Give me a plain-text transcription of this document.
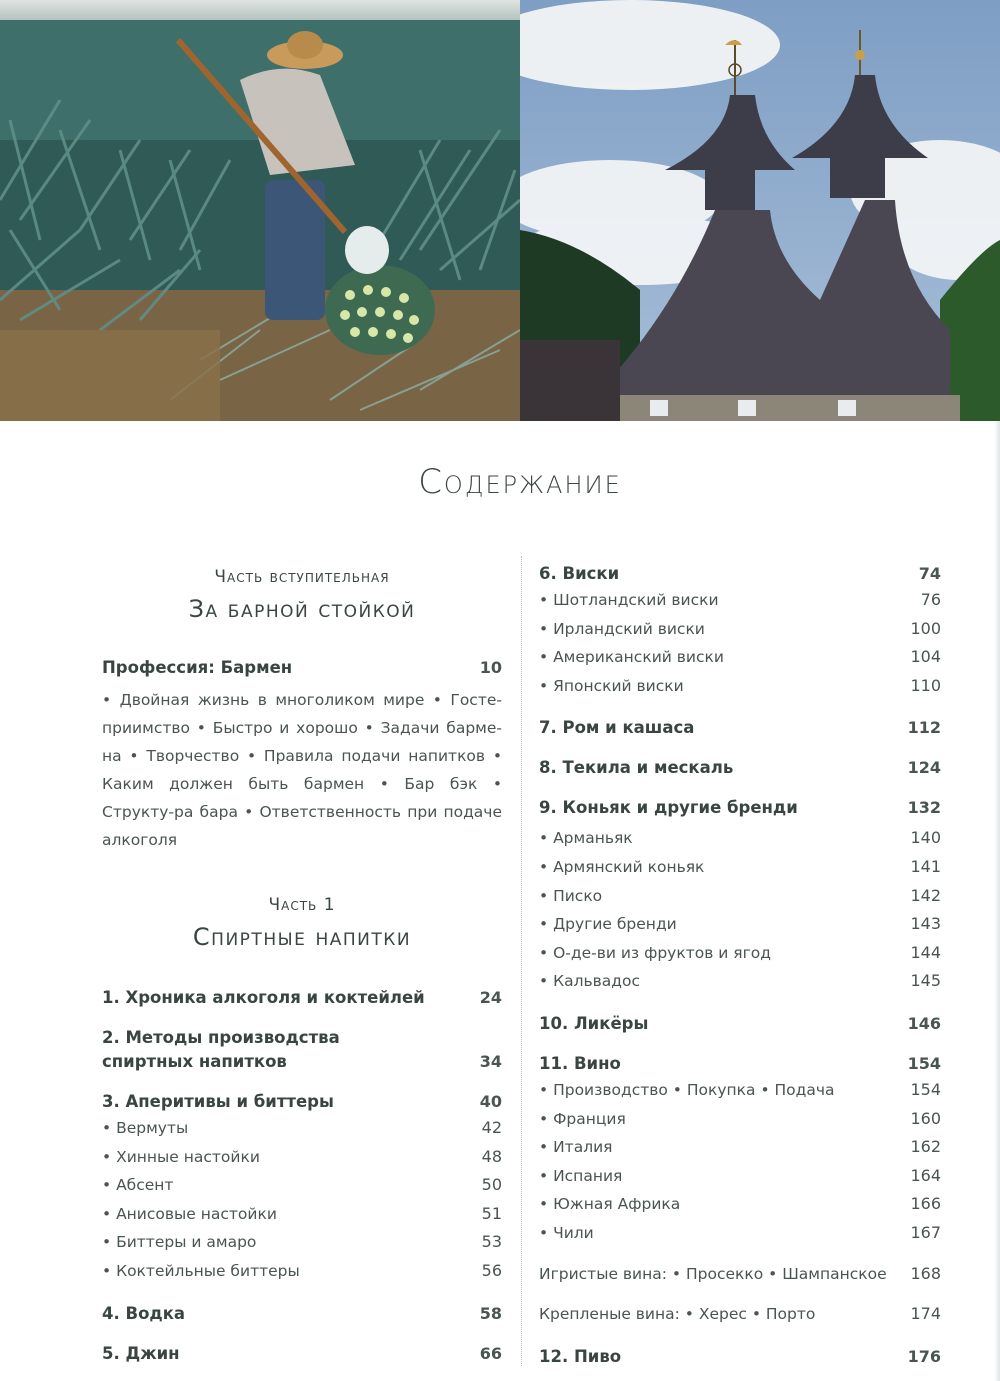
Содержание
Часть вступительная
За барной стойкой
Профессия: Бармен	10
• Двойная жизнь в многоликом мире • Госте-приимство • Быстро и хорошо • Задачи барме-на • Творчество • Правила подачи напитков • Каким должен быть бармен • Бар бэк • Структу-ра бара • Ответственность при подаче алкоголя
Часть 1
Спиртные напитки
1. Хроника алкоголя и коктейлей	24
2. Методы производства
спиртных напитков	34
3. Аперитивы и биттеры	40
• Вермуты	42
• Хинные настойки	48
• Абсент	50
• Анисовые настойки	51
• Биттеры и амаро	53
• Коктейльные биттеры	56
4. Водка	58
5. Джин	66
6. Виски	74
• Шотландский виски	76
• Ирландский виски	100
• Американский виски	104
• Японский виски	110
7. Ром и кашаса	112
8. Текила и мескаль	124
9. Коньяк и другие бренди	132
• Арманьяк	140
• Армянский коньяк	141
• Писко	142
• Другие бренди	143
• О-де-ви из фруктов и ягод	144
• Кальвадос	145
10. Ликёры	146
11. Вино	154
• Производство • Покупка • Подача	154
• Франция	160
• Италия	162
• Испания	164
• Южная Африка	166
• Чили	167
Игристые вина: • Просекко • Шампанское	168
Крепленые вина: • Херес • Порто	174
12. Пиво	176
